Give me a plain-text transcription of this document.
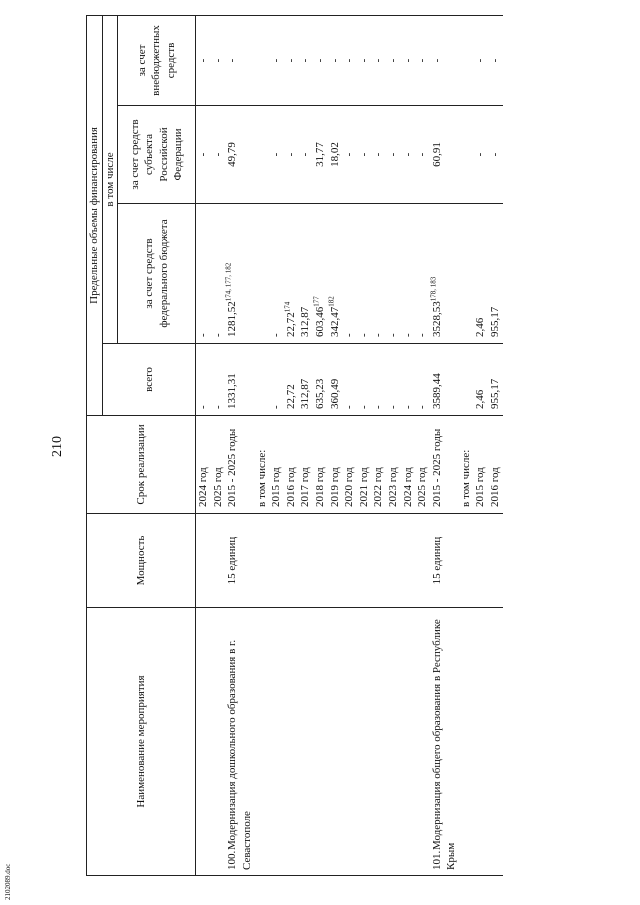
210
Наименование мероприятия	Мощность	Срок реализации	Предельные объемы финансирования			
			всего	в том числе		
				за счет средств федерального бюджета	за счет средств субъекта Российской Федерации	за счет внебюджетных средств
		2024 год	-	-	-	-
		2025 год	-	-	-	-

100.Модернизация дошкольного образования в г. Севастополе	15 единиц	2015 - 2025 годы	1331,31	1281,52$^{174, 177, 182}$	49,79	-
		в том числе:				
		2015 год	-	-	-	-
		2016 год	22,72	22,72$^{174}$	-	-
		2017 год	312,87	312,87	-	-
		2018 год	635,23	603,46$^{177}$	31,77	-
		2019 год	360,49	342,47$^{182}$	18,02	-
		2020 год	-	-	-	-
		2021 год	-	-	-	-
		2022 год	-	-	-	-
		2023 год	-	-	-	-
		2024 год	-	-	-	-
		2025 год	-	-	-	-

101.Модернизация общего образования в Республике Крым	15 единиц	2015 - 2025 годы	3589,44	3528,53$^{178, 183}$	60,91	-
		в том числе:				
		2015 год	2,46	2,46	-	-
		2016 год	955,17	955,17	-	-
2102089.doc
